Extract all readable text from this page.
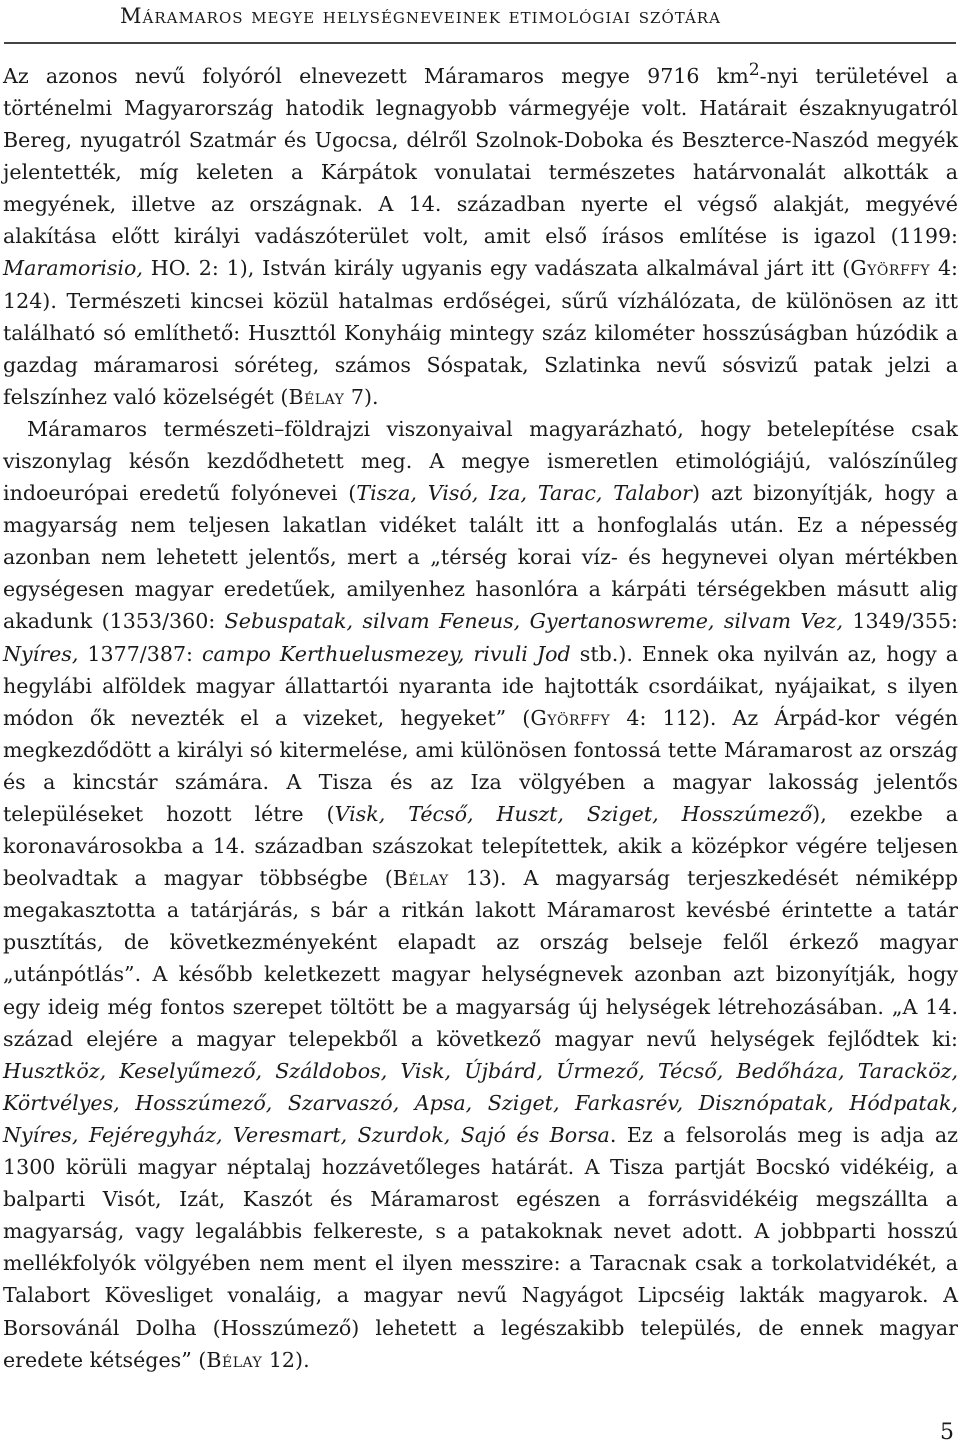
Máramaros megye helységneveinek etimológiai szótára

Az azonos nevű folyóról elnevezett Máramaros megye 9716 $km^2$-nyi területével a történelmi Magyarország hatodik legnagyobb vármegyéje volt. Határait északnyugatról Bereg, nyugatról Szatmár és Ugocsa, délről Szolnok-Doboka és Beszterce-Naszód megyék jelentették, míg keleten a Kárpátok vonulatai természetes határvonalát alkották a megyének, illetve az országnak. A 14. században nyerte el végső alakját, megyévé alakítása előtt királyi vadászóterület volt, amit első írásos említése is igazol (1199: Maramorisio, HO. 2: 1), István király ugyanis egy vadászata alkalmával járt itt (Györffy 4: 124). Természeti kincsei közül hatalmas erdőségei, sűrű vízhálózata, de különösen az itt található só említhető: Huszttól Konyháig mintegy száz kilométer hosszúságban húzódik a gazdag máramarosi sóréteg, számos Sóspatak, Szlatinka nevű sósvizű patak jelzi a felszínhez való közelségét (Bélay 7).

Máramaros természeti–földrajzi viszonyaival magyarázható, hogy betelepítése csak viszonylag későn kezdődhetett meg. A megye ismeretlen etimológiájú, valószínűleg indoeurópai eredetű folyónevei (Tisza, Visó, Iza, Tarac, Talabor) azt bizonyítják, hogy a magyarság nem teljesen lakatlan vidéket talált itt a honfoglalás után. Ez a népesség azonban nem lehetett jelentős, mert a „térség korai víz- és hegynevei olyan mértékben egységesen magyar eredetűek, amilyenhez hasonlóra a kárpáti térségekben másutt alig akadunk (1353/360: Sebuspatak, silvam Feneus, Gyertanoswreme, silvam Vez, 1349/355: Nyíres, 1377/387: campo Kerthuelusmezey, rivuli Jod stb.). Ennek oka nyilván az, hogy a hegylábi alföldek magyar állattartói nyaranta ide hajtották csordáikat, nyájaikat, s ilyen módon ők nevezték el a vizeket, hegyeket” (Györffy 4: 112). Az Árpád-kor végén megkezdődött a királyi só kitermelése, ami különösen fontossá tette Máramarost az ország és a kincstár számára. A Tisza és az Iza völgyében a magyar lakosság jelentős településeket hozott létre (Visk, Técső, Huszt, Sziget, Hosszúmező), ezekbe a koronavárosokba a 14. században szászokat telepítettek, akik a középkor végére teljesen beolvadtak a magyar többségbe (Bélay 13). A magyarság terjeszkedését némiképp megakasztotta a tatárjárás, s bár a ritkán lakott Máramarost kevésbé érintette a tatár pusztítás, de következményeként elapadt az ország belseje felől érkező magyar „utánpótlás”. A később keletkezett magyar helységnevek azonban azt bizonyítják, hogy egy ideig még fontos szerepet töltött be a magyarság új helységek létrehozásában. „A 14. század elejére a magyar telepekből a következő magyar nevű helységek fejlődtek ki: Husztköz, Keselyűmező, Száldobos, Visk, Újbárd, Úrmező, Técső, Bedőháza, Taracköz, Körtvélyes, Hosszúmező, Szarvaszó, Apsa, Sziget, Farkasrév, Disznópatak, Hódpatak, Nyíres, Fejéregyház, Veresmart, Szurdok, Sajó és Borsa. Ez a felsorolás meg is adja az 1300 körüli magyar néptalaj hozzávetőleges határát. A Tisza partját Bocskó vidékéig, a balparti Visót, Izát, Kaszót és Máramarost egészen a forrásvidékéig megszállta a magyarság, vagy legalábbis felkereste, s a patakoknak nevet adott. A jobbparti hosszú mellékfolyók völgyében nem ment el ilyen messzire: a Taracnak csak a torkolatvidékét, a Talabort Kövesliget vonaláig, a magyar nevű Nagyágot Lipcséig lakták magyarok. A Borsovánál Dolha (Hosszúmező) lehetett a legészakibb település, de ennek magyar eredete kétséges” (Bélay 12).

5
